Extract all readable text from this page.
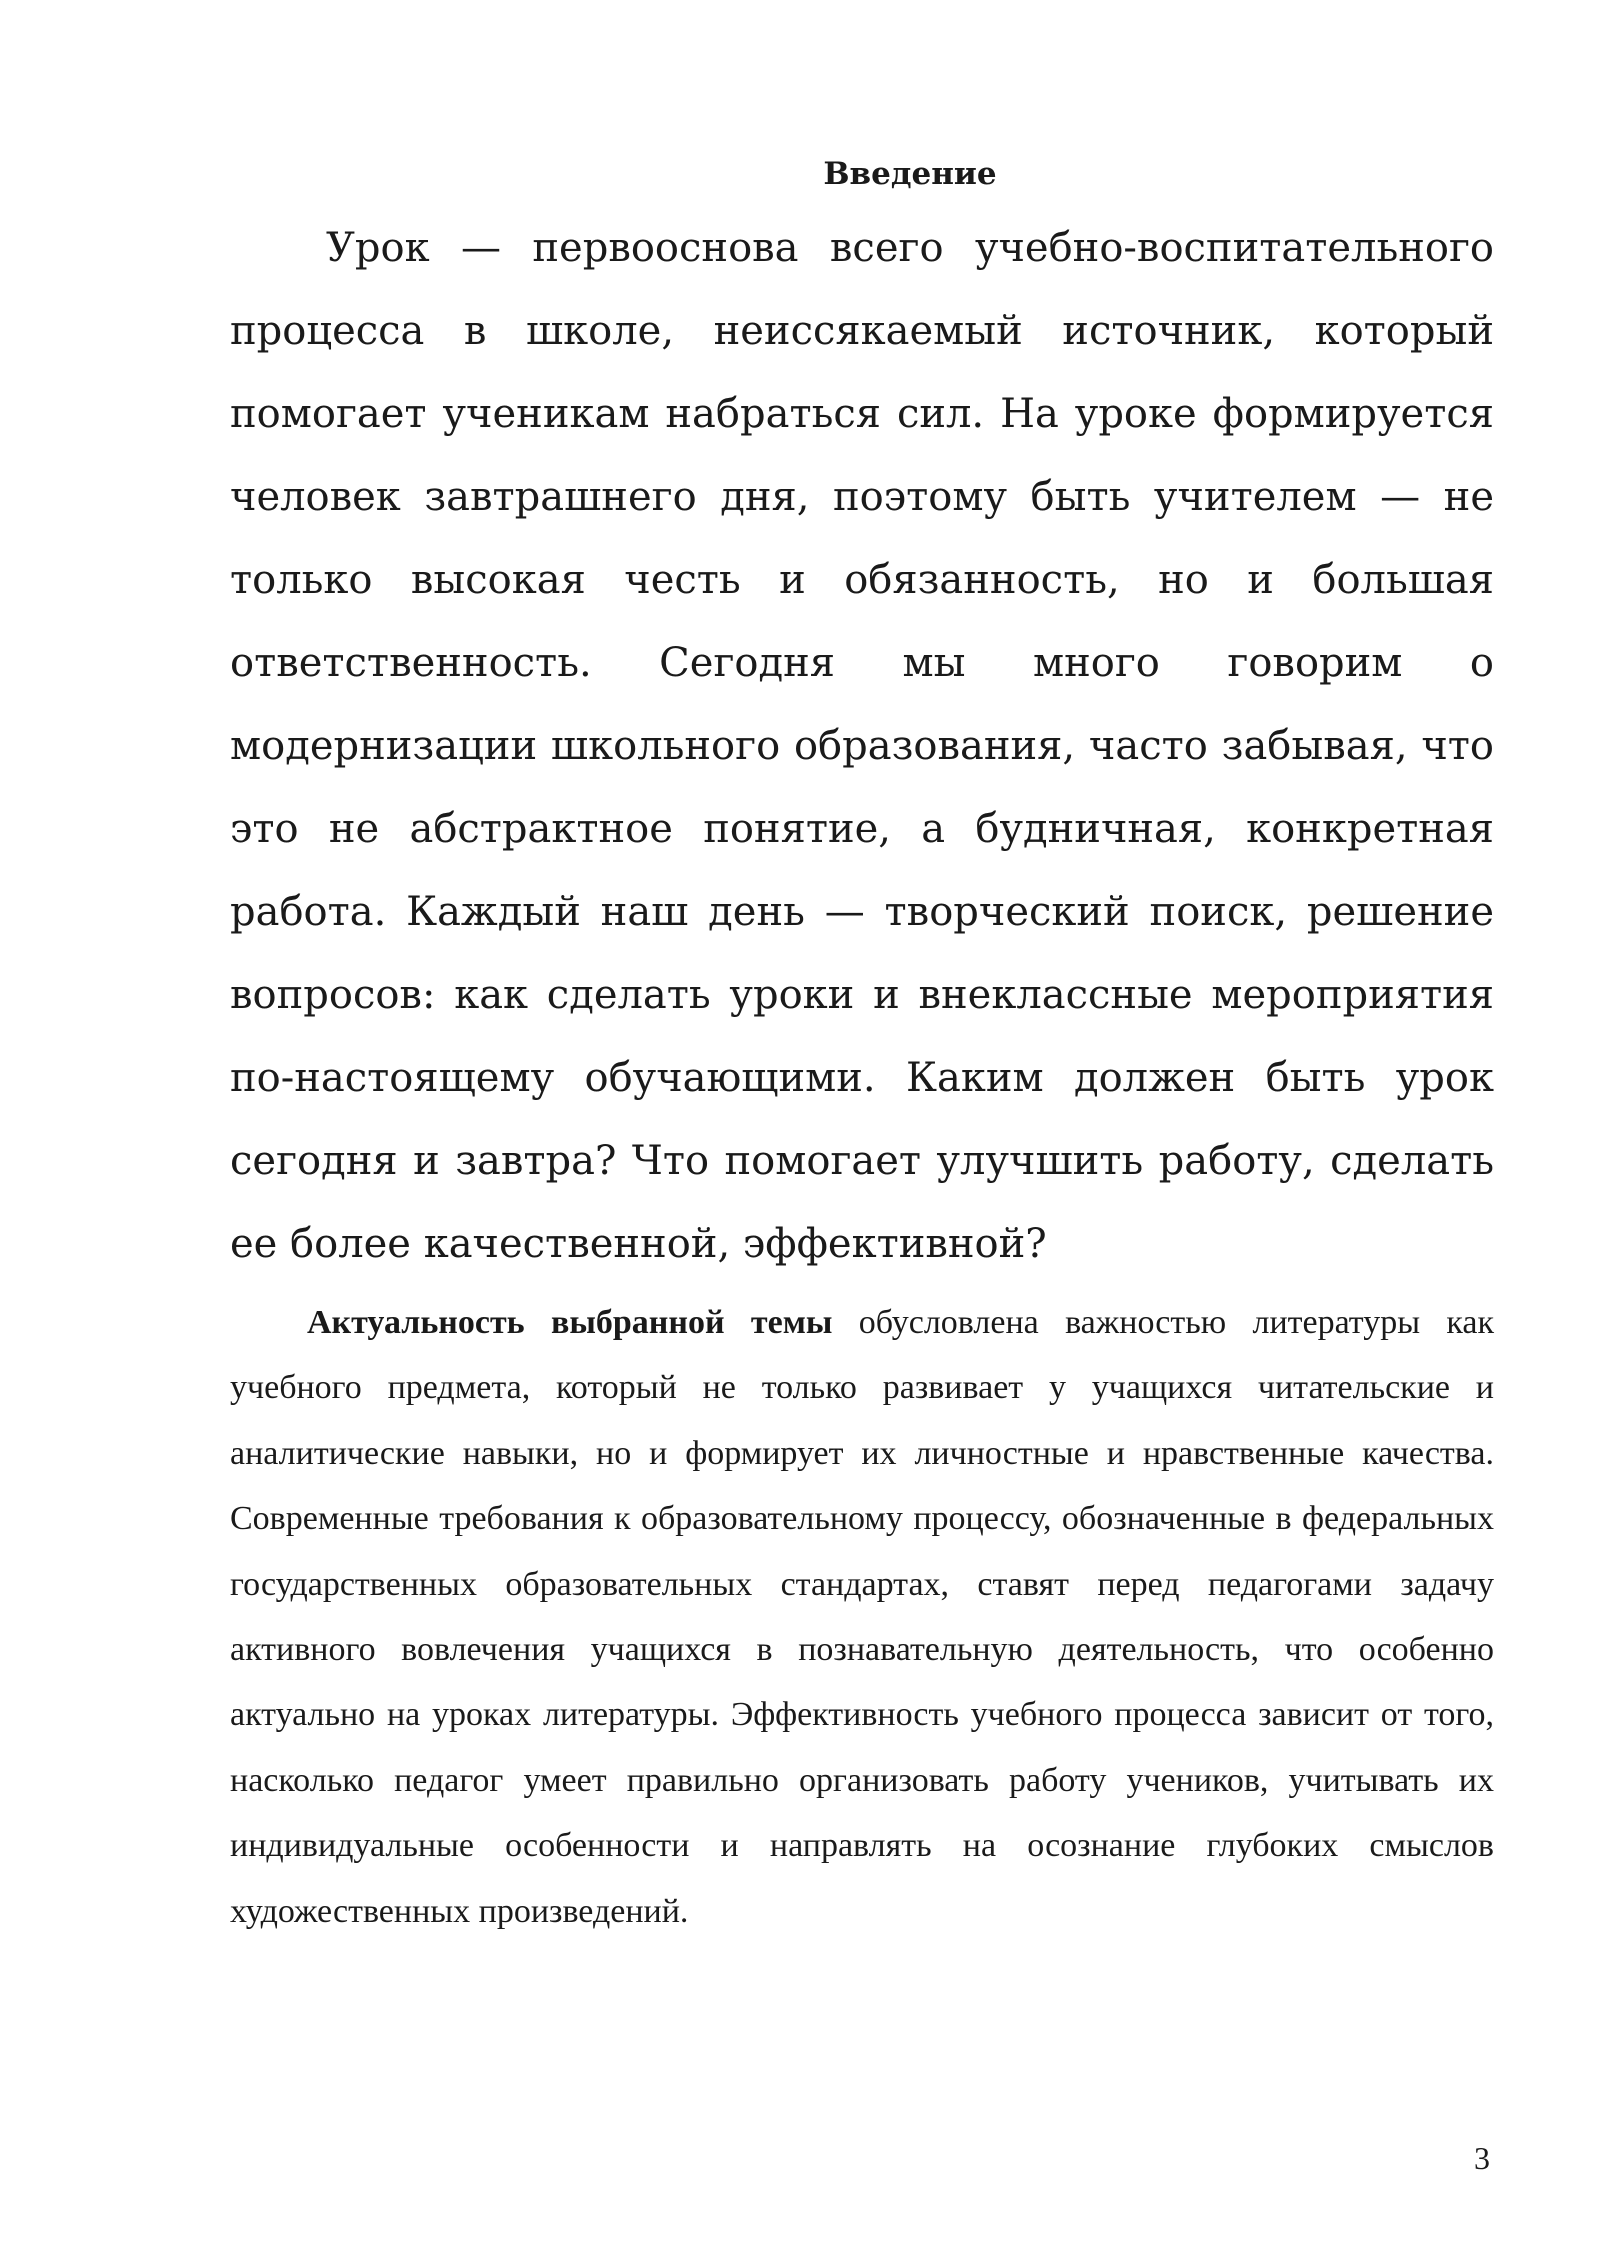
Введение

Урок — первооснова всего учебно-воспитательного процесса в школе, неиссякаемый источник, который помогает ученикам набраться сил. На уроке формируется человек завтрашнего дня, поэтому быть учителем — не только высокая честь и обязанность, но и большая ответственность. Сегодня мы много говорим о модернизации школьного образования, часто забывая, что это не абстрактное понятие, а будничная, конкретная работа. Каждый наш день — творческий поиск, решение вопросов: как сделать уроки и внеклассные мероприятия по-настоящему обучающими. Каким должен быть урок сегодня и завтра? Что помогает улучшить работу, сделать ее более качественной, эффективной?

Актуальность выбранной темы обусловлена важностью литературы как учебного предмета, который не только развивает у учащихся читательские и аналитические навыки, но и формирует их личностные и нравственные качества. Современные требования к образовательному процессу, обозначенные в федеральных государственных образовательных стандартах, ставят перед педагогами задачу активного вовлечения учащихся в познавательную деятельность, что особенно актуально на уроках литературы. Эффективность учебного процесса зависит от того, насколько педагог умеет правильно организовать работу учеников, учитывать их индивидуальные особенности и направлять на осознание глубоких смыслов художественных произведений.

3
